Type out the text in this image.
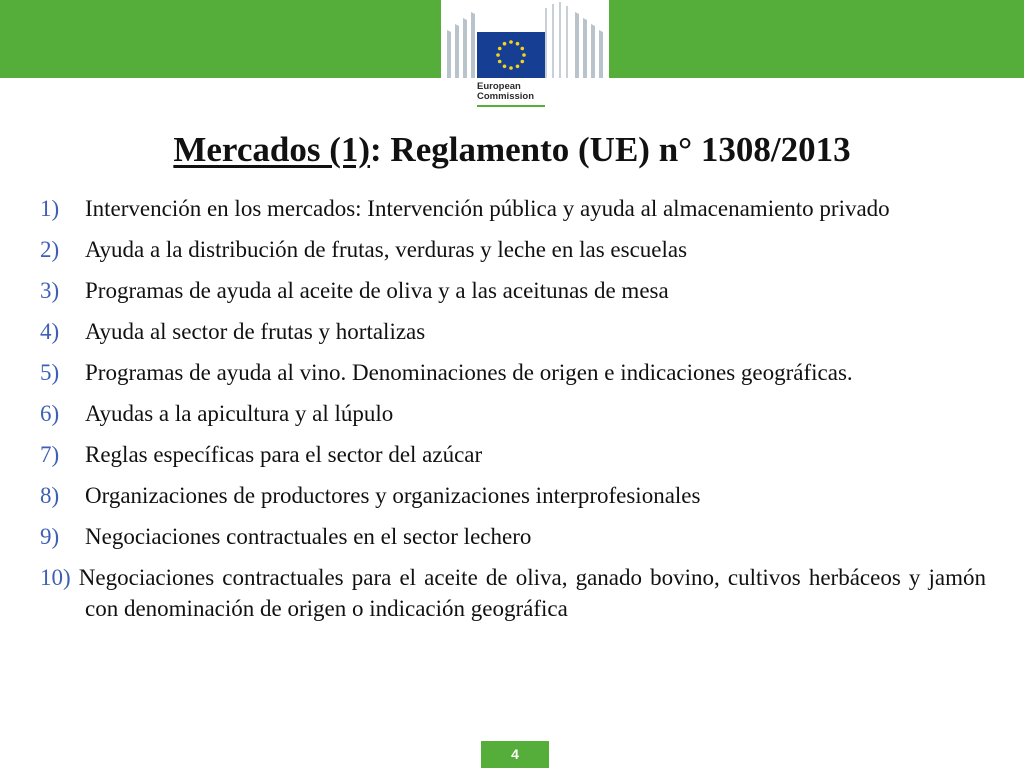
European
Commission
Mercados (1): Reglamento (UE) n° 1308/2013
1) Intervención en los mercados: Intervención pública y ayuda al almacenamiento privado
2) Ayuda a la distribución de frutas, verduras y leche en las escuelas
3) Programas de ayuda al aceite de oliva y a las aceitunas de mesa
4) Ayuda al sector de frutas y hortalizas
5) Programas de ayuda al vino. Denominaciones de origen e indicaciones geográficas.
6) Ayudas a la apicultura y al lúpulo
7) Reglas específicas para el sector del azúcar
8) Organizaciones de productores y organizaciones interprofesionales
9) Negociaciones contractuales en el sector lechero
10) Negociaciones contractuales para el aceite de oliva, ganado bovino, cultivos herbáceos y jamón con denominación de origen o indicación geográfica
4
